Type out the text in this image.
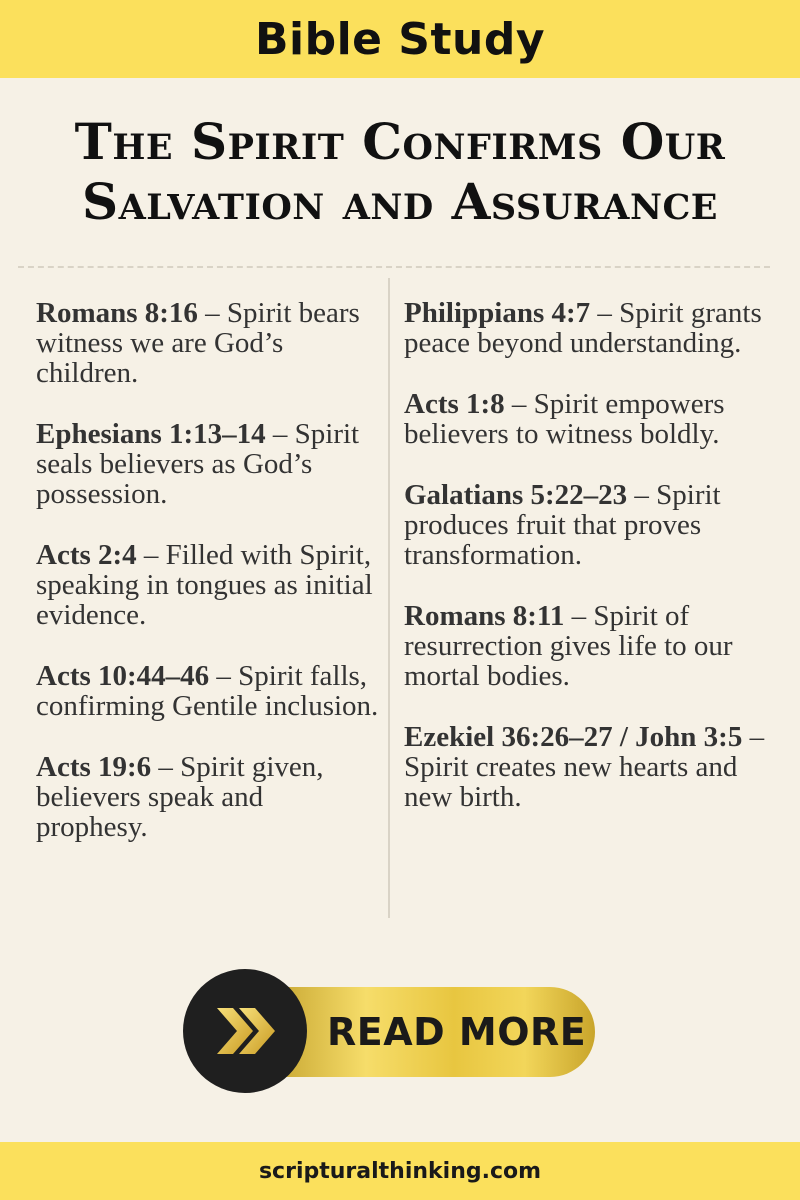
Bible Study
The Spirit Confirms Our
Salvation and Assurance
Romans 8:16 – Spirit bears witness we are God’s children.
Ephesians 1:13–14 – Spirit seals believers as God’s possession.
Acts 2:4 – Filled with Spirit, speaking in tongues as initial evidence.
Acts 10:44–46 – Spirit falls, confirming Gentile inclusion.
Acts 19:6 – Spirit given, believers speak and prophesy.
Philippians 4:7 – Spirit grants peace beyond understanding.
Acts 1:8 – Spirit empowers believers to witness boldly.
Galatians 5:22–23 – Spirit produces fruit that proves transformation.
Romans 8:11 – Spirit of resurrection gives life to our mortal bodies.
Ezekiel 36:26–27 / John 3:5 – Spirit creates new hearts and new birth.
READ MORE
scripturalthinking.com
